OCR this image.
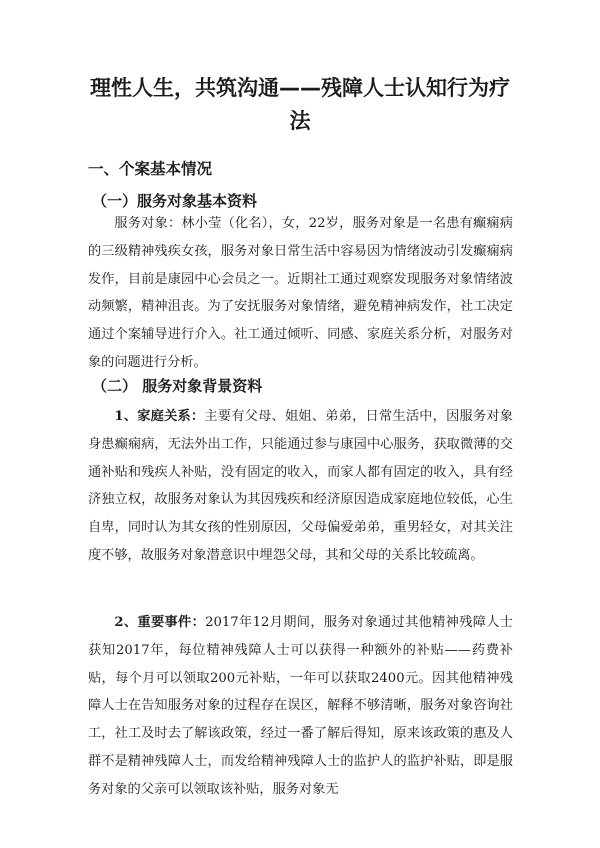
理性人生，共筑沟通——残障人士认知行为疗法
一、个案基本情况
（一）服务对象基本资料

服务对象：林小莹（化名），女，22岁，服务对象是一名患有癫痫病的三级精神残疾女孩，服务对象日常生活中容易因为情绪波动引发癫痫病发作，目前是康园中心会员之一。近期社工通过观察发现服务对象情绪波动频繁，精神沮丧。为了安抚服务对象情绪，避免精神病发作，社工决定通过个案辅导进行介入。社工通过倾听、同感、家庭关系分析，对服务对象的问题进行分析。

（二） 服务对象背景资料

1、家庭关系：主要有父母、姐姐、弟弟，日常生活中，因服务对象身患癫痫病，无法外出工作，只能通过参与康园中心服务，获取微薄的交通补贴和残疾人补贴，没有固定的收入，而家人都有固定的收入，具有经济独立权，故服务对象认为其因残疾和经济原因造成家庭地位较低，心生自卑，同时认为其女孩的性别原因，父母偏爱弟弟，重男轻女，对其关注度不够，故服务对象潜意识中埋怨父母，其和父母的关系比较疏离。

2、重要事件：2017年12月期间，服务对象通过其他精神残障人士获知2017年，每位精神残障人士可以获得一种额外的补贴——药费补贴，每个月可以领取200元补贴，一年可以获取2400元。因其他精神残障人士在告知服务对象的过程存在误区，解释不够清晰，服务对象咨询社工，社工及时去了解该政策，经过一番了解后得知，原来该政策的惠及人群不是精神残障人士，而发给精神残障人士的监护人的监护补贴，即是服务对象的父亲可以领取该补贴，服务对象无
